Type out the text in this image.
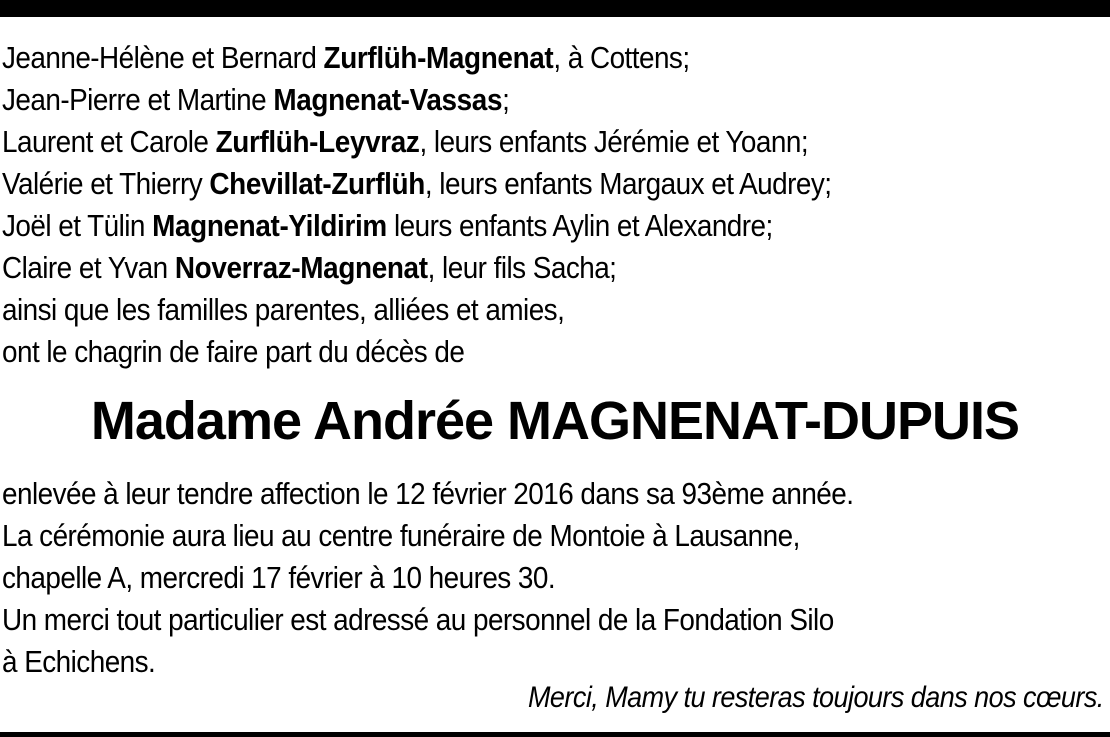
Jeanne-Hélène et Bernard Zurflüh-Magnenat, à Cottens;
Jean-Pierre et Martine Magnenat-Vassas;
Laurent et Carole Zurflüh-Leyvraz, leurs enfants Jérémie et Yoann;
Valérie et Thierry Chevillat-Zurflüh, leurs enfants Margaux et Audrey;
Joël et Tülin Magnenat-Yildirim leurs enfants Aylin et Alexandre;
Claire et Yvan Noverraz-Magnenat, leur fils Sacha;
ainsi que les familles parentes, alliées et amies,
ont le chagrin de faire part du décès de
Madame Andrée MAGNENAT-DUPUIS
enlevée à leur tendre affection le 12 février 2016 dans sa 93ème année.
La cérémonie aura lieu au centre funéraire de Montoie à Lausanne,
chapelle A, mercredi 17 février à 10 heures 30.
Un merci tout particulier est adressé au personnel de la Fondation Silo
à Echichens.
Merci, Mamy tu resteras toujours dans nos cœurs.
